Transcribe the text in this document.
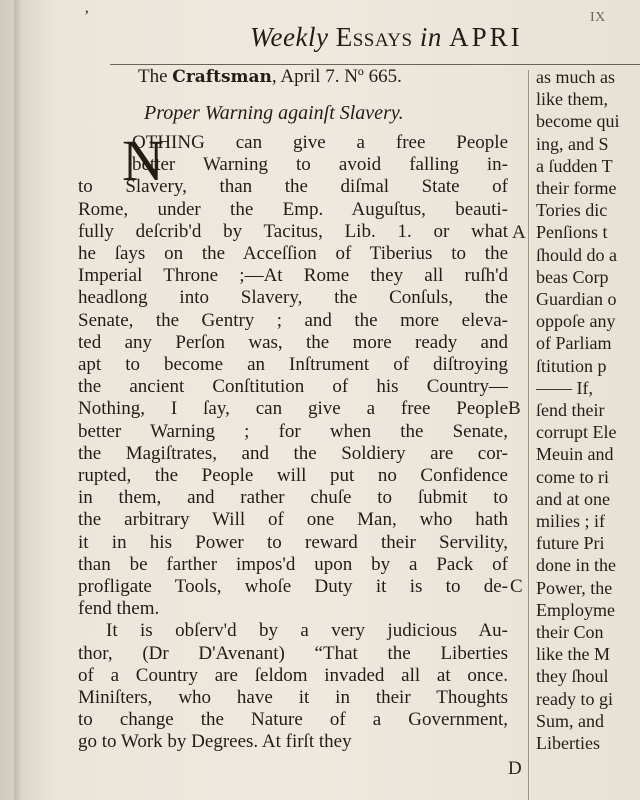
’
Weekly Essays in APRI
IX
The Craftsman, April 7. Nº 665.
Proper Warning againſt Slavery.
N
OTHING can give a free People
better Warning to avoid falling in-
to Slavery, than the diſmal State of
Rome, under the Emp. Auguſtus, beauti-
fully deſcrib'd by Tacitus, Lib. 1. or what
he ſays on the Acceſſion of Tiberius to the
Imperial Throne ;—At Rome they all ruſh'd
headlong into Slavery, the Conſuls, the
Senate, the Gentry ; and the more eleva-
ted any Perſon was, the more ready and
apt to become an Inſtrument of diſtroying
the ancient Conſtitution of his Country—
Nothing, I ſay, can give a free People
better Warning ; for when the Senate,
the Magiſtrates, and the Soldiery are cor-
rupted, the People will put no Confidence
in them, and rather chuſe to ſubmit to
the arbitrary Will of one Man, who hath
it in his Power to reward their Servility,
than be farther impos'd upon by a Pack of
profligate Tools, whoſe Duty it is to de-
fend them.
It is obſerv'd by a very judicious Au-
thor, (Dr D'Avenant) “That the Liberties
of a Country are ſeldom invaded all at once.
Miniſters, who have it in their Thoughts
to change the Nature of a Government,
go to Work by Degrees. At firſt they
A
B
C
D
as much as
like them,
become qui
ing, and S
a ſudden T
their forme
Tories dic
Penſions t
ſhould do a
beas Corp
Guardian o
oppoſe any
of Parliam
ſtitution p
—— If,
ſend their
corrupt Ele
Meuin and
come to ri
and at one
milies ; if
future Pri
done in the
Power, the
Employme
their Con
like the M
they ſhoul
ready to gi
Sum, and
Liberties
